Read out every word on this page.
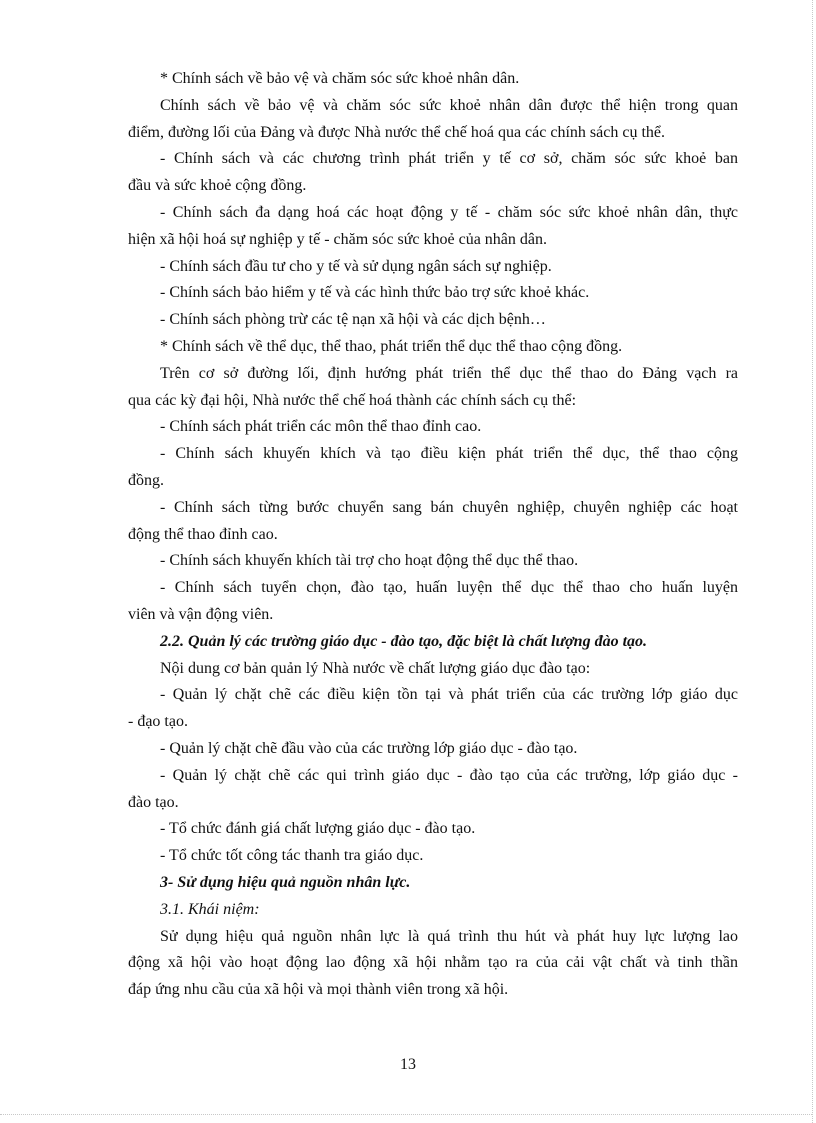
* Chính sách về bảo vệ và chăm sóc sức khoẻ nhân dân.
Chính sách về bảo vệ và chăm sóc sức khoẻ nhân dân được thể hiện trong quan
điểm, đường lối của Đảng và được Nhà nước thể chế hoá qua các chính sách cụ thể.
- Chính sách và các chương trình phát triển y tế cơ sở, chăm sóc sức khoẻ ban
đầu và sức khoẻ cộng đồng.
- Chính sách đa dạng hoá các hoạt động y tế - chăm sóc sức khoẻ nhân dân, thực
hiện xã hội hoá sự nghiệp y tế - chăm sóc sức khoẻ của nhân dân.
- Chính sách đầu tư cho y tế và sử dụng ngân sách sự nghiệp.
- Chính sách bảo hiểm y tế và các hình thức bảo trợ sức khoẻ khác.
- Chính sách phòng trừ các tệ nạn xã hội và các dịch bệnh…
* Chính sách về thể dục, thể thao, phát triển thể dục thể thao cộng đồng.
Trên cơ sở đường lối, định hướng phát triển thể dục thể thao do Đảng vạch ra
qua các kỳ đại hội, Nhà nước thể chế hoá thành các chính sách cụ thể:
- Chính sách phát triển các môn thể thao đỉnh cao.
- Chính sách khuyến khích và tạo điều kiện phát triển thể dục, thể thao cộng
đồng.
- Chính sách từng bước chuyển sang bán chuyên nghiệp, chuyên nghiệp các hoạt
động thể thao đỉnh cao.
- Chính sách khuyến khích tài trợ cho hoạt động thể dục thể thao.
- Chính sách tuyển chọn, đào tạo, huấn luyện thể dục thể thao cho huấn luyện
viên và vận động viên.
2.2. Quản lý các trường giáo dục - đào tạo, đặc biệt là chất lượng đào tạo.
Nội dung cơ bản quản lý Nhà nước về chất lượng giáo dục đào tạo:
- Quản lý chặt chẽ các điều kiện tồn tại và phát triển của các trường lớp giáo dục
- đạo tạo.
- Quản lý chặt chẽ đầu vào của các trường lớp giáo dục - đào tạo.
- Quản lý chặt chẽ các qui trình giáo dục - đào tạo của các trường, lớp giáo dục -
đào tạo.
- Tổ chức đánh giá chất lượng giáo dục - đào tạo.
- Tổ chức tốt công tác thanh tra giáo dục.
3- Sử dụng hiệu quả nguồn nhân lực.
3.1. Khái niệm:
Sử dụng hiệu quả nguồn nhân lực là quá trình thu hút và phát huy lực lượng lao
động xã hội vào hoạt động lao động xã hội nhằm tạo ra của cải vật chất và tinh thần
đáp ứng nhu cầu của xã hội và mọi thành viên trong xã hội.
13
